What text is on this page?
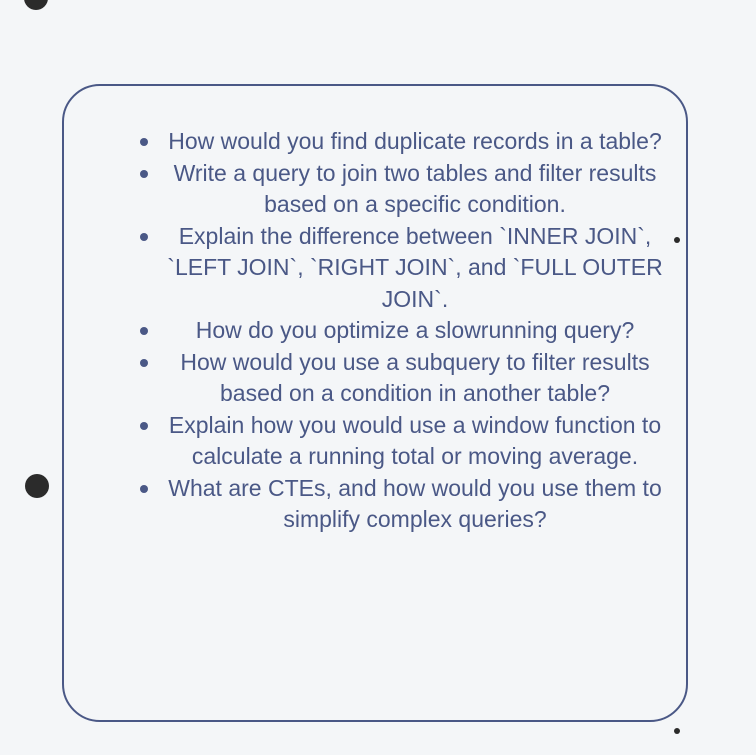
How would you find duplicate records in a table?
Write a query to join two tables and filter results based on a specific condition.
Explain the difference between `INNER JOIN`, `LEFT JOIN`, `RIGHT JOIN`, and `FULL OUTER JOIN`.
How do you optimize a slowrunning query?
How would you use a subquery to filter results based on a condition in another table?
Explain how you would use a window function to calculate a running total or moving average.
What are CTEs, and how would you use them to simplify complex queries?
